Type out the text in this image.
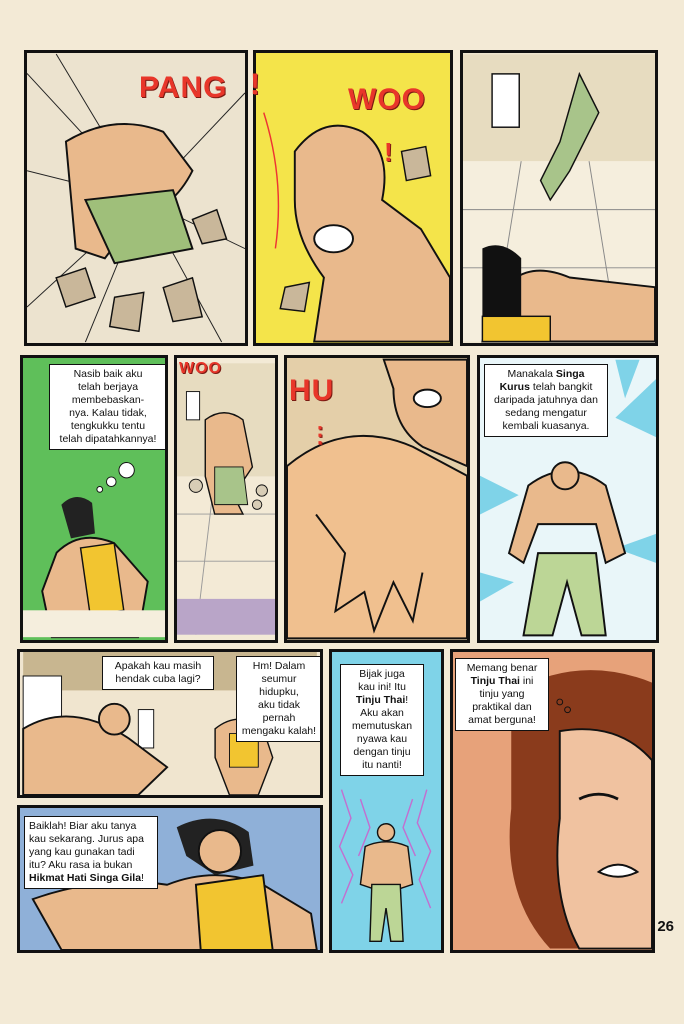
PANG !	WOO
!
Nasib baik aku
telah berjaya
membebaskan-
nya. Kalau tidak,
tengkukku tentu
telah dipatahkannya!
WOO
HU
⋮
Manakala Singa
Kurus telah bangkit
daripada jatuhnya dan
sedang mengatur
kembali kuasanya.
Apakah kau masih
hendak cuba lagi?
Hm! Dalam
seumur hidupku,
aku tidak pernah
mengaku kalah!
Baiklah! Biar aku tanya
kau sekarang. Jurus apa
yang kau gunakan tadi
itu? Aku rasa ia bukan
Hikmat Hati Singa Gila!
Bijak juga
kau ini! Itu
Tinju Thai!
Aku akan
memutuskan
nyawa kau
dengan tinju
itu nanti!
Memang benar
Tinju Thai ini
tinju yang
praktikal dan
amat berguna!
26
